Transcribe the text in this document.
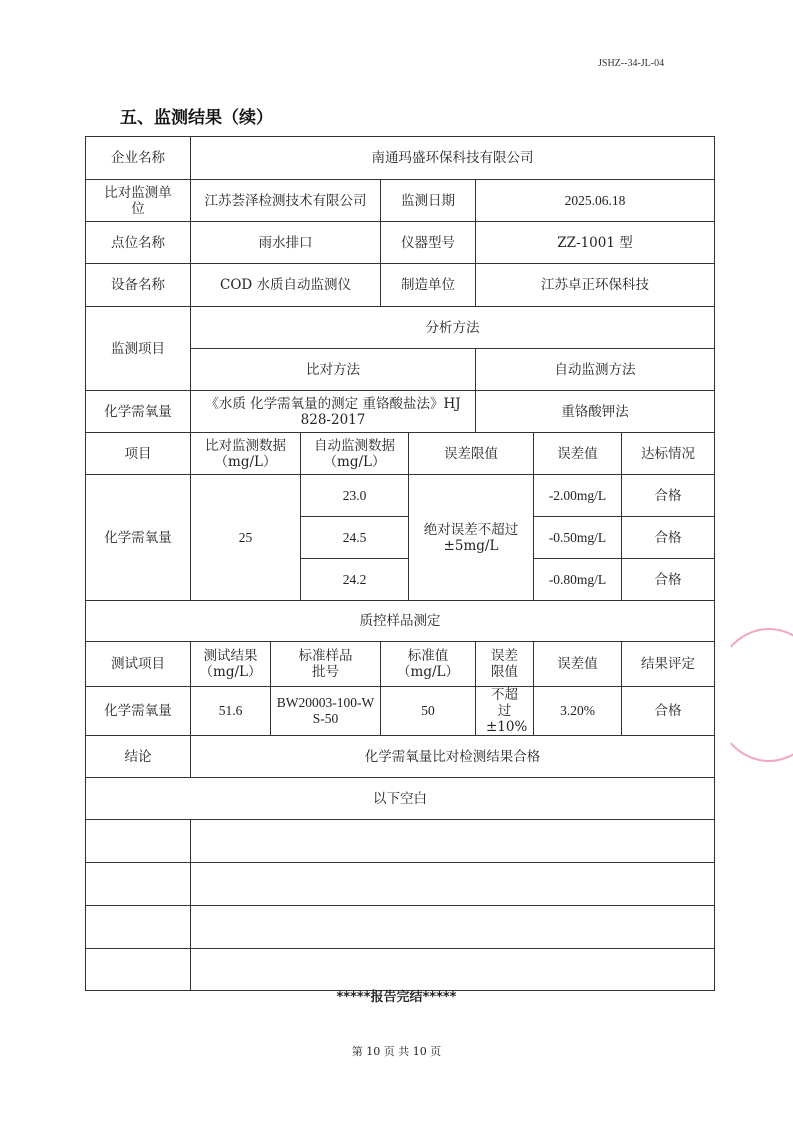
JSHZ--34-JL-04
五、监测结果（续）
企业名称	南通玛盛环保科技有限公司							
比对监测单位	江苏荟泽检测技术有限公司			监测日期		2025.06.18		
点位名称	雨水排口			仪器型号		ZZ-1001 型		
设备名称	COD 水质自动监测仪			制造单位		江苏卓正环保科技		
监测项目	分析方法							
	比对方法					自动监测方法		
化学需氧量	《水质 化学需氧量的测定 重铬酸盐法》HJ 828-2017					重铬酸钾法		
项目	比对监测数据（mg/L）		自动监测数据（mg/L）		误差限值		误差值	达标情况
化学需氧量	25		23.0		绝对误差不超过±5mg/L		-2.00mg/L	合格
			24.5				-0.50mg/L	合格
			24.2				-0.80mg/L	合格
质控样品测定								
测试项目	测试结果（mg/L）	标准样品批号		标准值（mg/L）		误差限值	误差值	结果评定
化学需氧量	51.6	BW20003-100-WS-50		50		不超过±10%	3.20%	合格
结论	化学需氧量比对检测结果合格							
以下空白								

*****报告完结*****
第 10 页 共 10 页
